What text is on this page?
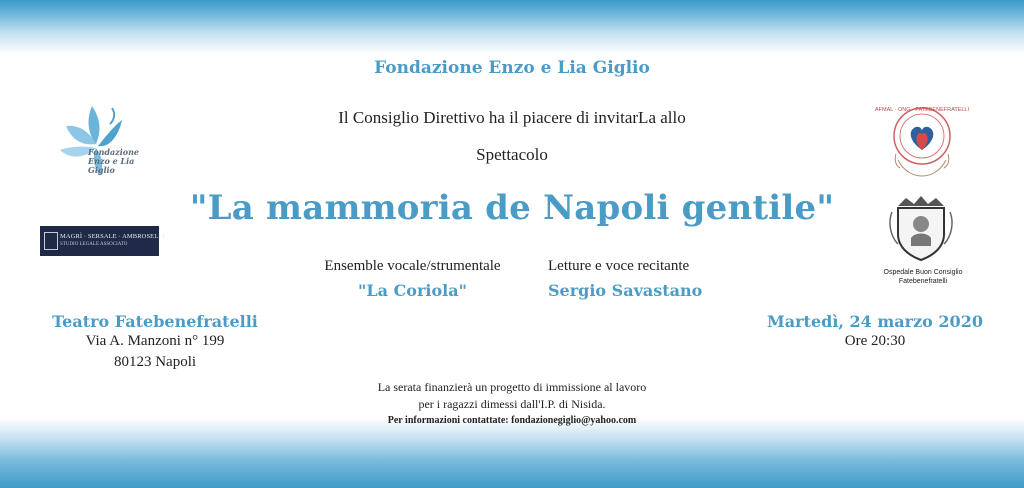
Fondazione Enzo e Lia Giglio
MAGRÌ · SERSALE · AMBROSELLI
STUDIO LEGALE ASSOCIATO
AFMAL · ONG · FATEBENEFRATELLI
Ospedale Buon Consiglio Fatebenefratelli
Fondazione Enzo e Lia Giglio
Il Consiglio Direttivo ha il piacere di invitarLa allo
Spettacolo
"La mammoria de Napoli gentile"
Ensemble vocale/strumentale
"La Coriola"
Letture e voce recitante
Sergio Savastano
Teatro Fatebenefratelli
Via A. Manzoni n° 199
80123 Napoli
Martedì, 24 marzo 2020
Ore 20:30
La serata finanzierà un progetto di immissione al lavoro
per i ragazzi dimessi dall'I.P. di Nisida.
Per informazioni contattate: fondazionegiglio@yahoo.com
